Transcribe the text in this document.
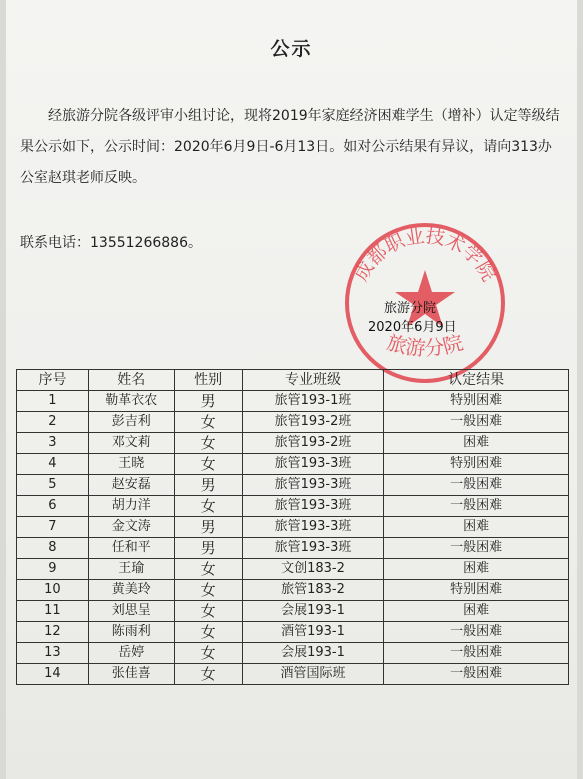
公示
经旅游分院各级评审小组讨论，现将2019年家庭经济困难学生（增补）认定等级结果公示如下，公示时间：2020年6月9日-6月13日。如对公示结果有异议，请向313办公室赵琪老师反映。
联系电话：13551266886。
成都职业技术学院
旅游分院
旅游分院
2020年6月9日
序号	姓名	性别	专业班级	认定结果
1	勒革衣农	男	旅管193-1班	特别困难
2	彭吉利	女	旅管193-2班	一般困难
3	邓文莉	女	旅管193-2班	困难
4	王晓	女	旅管193-3班	特别困难
5	赵安磊	男	旅管193-3班	一般困难
6	胡力洋	女	旅管193-3班	一般困难
7	金文涛	男	旅管193-3班	困难
8	任和平	男	旅管193-3班	一般困难
9	王瑜	女	文创183-2	困难
10	黄美玲	女	旅管183-2	特别困难
11	刘思呈	女	会展193-1	困难
12	陈雨利	女	酒管193-1	一般困难
13	岳婷	女	会展193-1	一般困难
14	张佳喜	女	酒管国际班	一般困难
